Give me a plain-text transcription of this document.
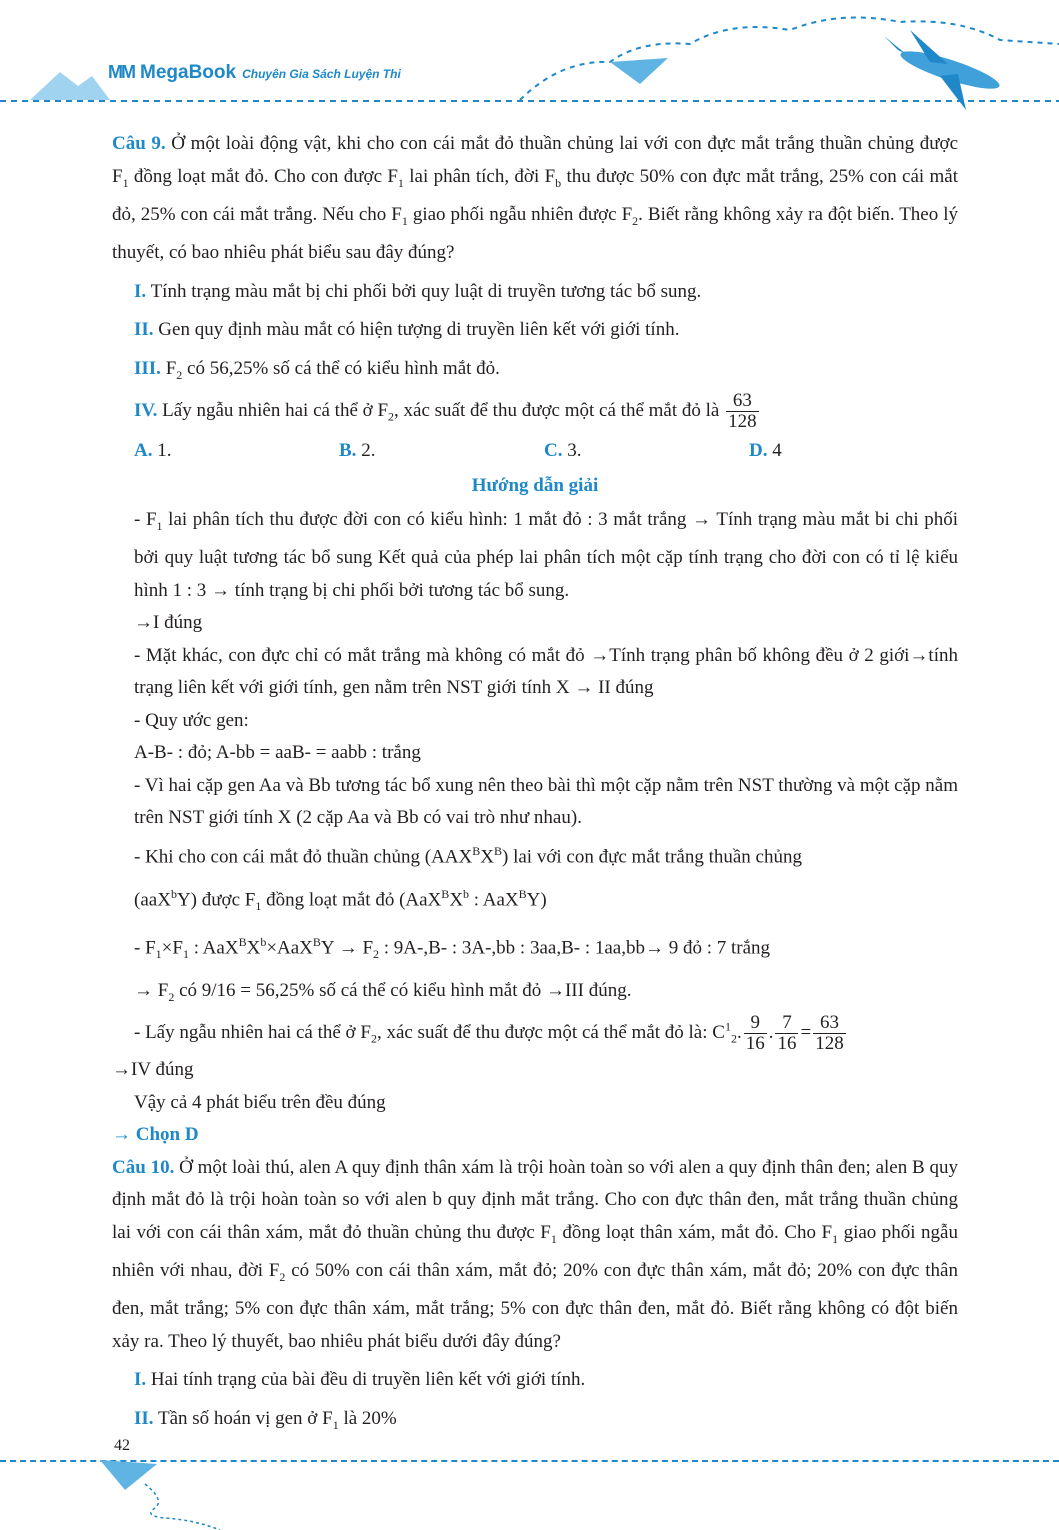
ΜΜ MegaBook Chuyên Gia Sách Luyện Thi

Câu 9. Ở một loài động vật, khi cho con cái mắt đỏ thuần chủng lai với con đực mắt trắng thuần chủng được $F_1$ đồng loạt mắt đỏ. Cho con được $F_1$ lai phân tích, đời $F_b$ thu được 50% con đực mắt trắng, 25% con cái mắt đỏ, 25% con cái mắt trắng. Nếu cho $F_1$ giao phối ngẫu nhiên được $F_2$. Biết rằng không xảy ra đột biến. Theo lý thuyết, có bao nhiêu phát biểu sau đây đúng?

I. Tính trạng màu mắt bị chi phối bởi quy luật di truyền tương tác bổ sung.

II. Gen quy định màu mắt có hiện tượng di truyền liên kết với giới tính.

III. $F_2$ có 56,25% số cá thể có kiểu hình mắt đỏ.

IV. Lấy ngẫu nhiên hai cá thể ở $F_2$, xác suất để thu được một cá thể mắt đỏ là $\frac{63}{128}$

A. 1.	B. 2.	C. 3.	D. 4

Hướng dẫn giải

- $F_1$ lai phân tích thu được đời con có kiểu hình: 1 mắt đỏ : 3 mắt trắng → Tính trạng màu mắt bi chi phối bởi quy luật tương tác bổ sung Kết quả của phép lai phân tích một cặp tính trạng cho đời con có tỉ lệ kiểu hình 1 : 3 → tính trạng bị chi phối bởi tương tác bổ sung.

→I đúng

- Mặt khác, con đực chỉ có mắt trắng mà không có mắt đỏ →Tính trạng phân bố không đều ở 2 giới→tính trạng liên kết với giới tính, gen nằm trên NST giới tính X → II đúng

- Quy ước gen:

A-B- : đỏ; A-bb = aaB- = aabb : trắng

- Vì hai cặp gen Aa và Bb tương tác bổ xung nên theo bài thì một cặp nằm trên NST thường và một cặp nằm trên NST giới tính X (2 cặp Aa và Bb có vai trò như nhau).

- Khi cho con cái mắt đỏ thuần chủng $(AAX^BX^B)$ lai với con đực mắt trắng thuần chủng

(aaX$^b$Y) được $F_1$ đồng loạt mắt đỏ ($AaX^BX^b$ : AaX$^B$Y)

- $F_1\times F_1$ : $AaX^BX^b\times AaX^BY \to F_2$ : 9A-,B- : 3A-,bb : 3aa,B- : 1aa,bb→ 9 đỏ : 7 trắng

→ $F_2$ có 9/16 = 56,25% số cá thể có kiểu hình mắt đỏ →III đúng.

- Lấy ngẫu nhiên hai cá thể ở $F_2$, xác suất để thu được một cá thể mắt đỏ là: $C^1_2$. $\frac{9}{16}$ . $\frac{7}{16} = \frac{63}{128}$

→IV đúng

Vậy cả 4 phát biểu trên đều đúng

→ Chọn D

Câu 10. Ở một loài thú, alen A quy định thân xám là trội hoàn toàn so với alen a quy định thân đen; alen B quy định mắt đỏ là trội hoàn toàn so với alen b quy định mắt trắng. Cho con đực thân đen, mắt trắng thuần chủng lai với con cái thân xám, mắt đỏ thuần chủng thu được $F_1$ đồng loạt thân xám, mắt đỏ. Cho $F_1$ giao phối ngẫu nhiên với nhau, đời $F_2$ có 50% con cái thân xám, mắt đỏ; 20% con đực thân xám, mắt đỏ; 20% con đực thân đen, mắt trắng; 5% con đực thân xám, mắt trắng; 5% con đực thân đen, mắt đỏ. Biết rằng không có đột biến xảy ra. Theo lý thuyết, bao nhiêu phát biểu dưới đây đúng?

I. Hai tính trạng của bài đều di truyền liên kết với giới tính.

II. Tần số hoán vị gen ở $F_1$ là 20%

42
